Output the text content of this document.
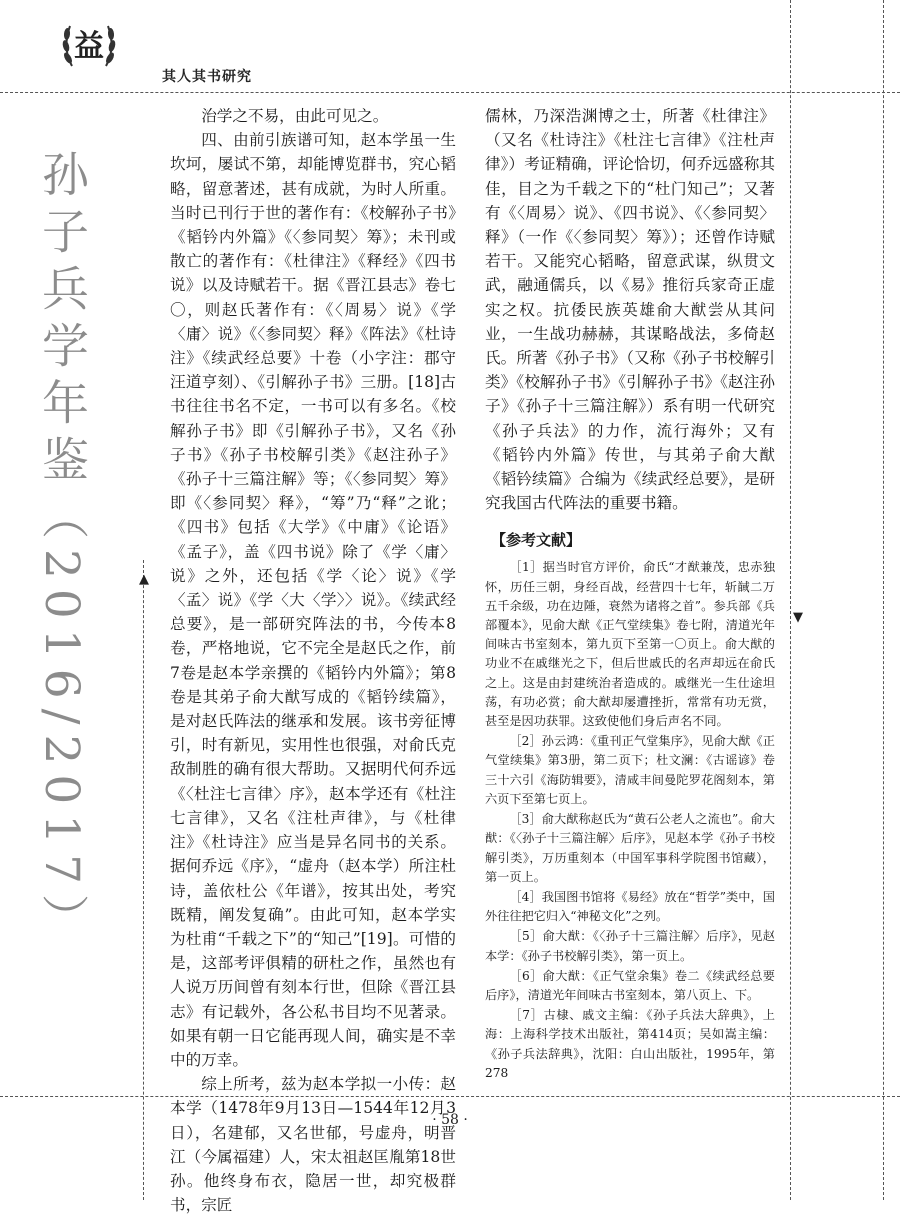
益
其人其书研究
孙子兵学年鉴（2016/2017）	▲
▼

治学之不易，由此可见之。

四、由前引族谱可知，赵本学虽一生坎坷，屡试不第，却能博览群书，究心韬略，留意著述，甚有成就，为时人所重。当时已刊行于世的著作有：《校解孙子书》《韬钤内外篇》《〈参同契〉筹》；未刊或散亡的著作有：《杜律注》《释经》《四书说》以及诗赋若干。据《晋江县志》卷七〇，则赵氏著作有：《〈周易〉说》《学〈庸〉说》《〈参同契〉释》《阵法》《杜诗注》《续武经总要》十卷（小字注：郡守汪道亨刻）、《引解孙子书》三册。[18]古书往往书名不定，一书可以有多名。《校解孙子书》即《引解孙子书》，又名《孙子书》《孙子书校解引类》《赵注孙子》《孙子十三篇注解》等；《〈参同契〉筹》即《〈参同契〉释》，“筹”乃“释”之讹；《四书》包括《大学》《中庸》《论语》《孟子》，盖《四书说》除了《学〈庸〉说》之外，还包括《学〈论〉说》《学〈孟〉说》《学〈大〈学〉〉说》。《续武经总要》，是一部研究阵法的书，今传本8卷，严格地说，它不完全是赵氏之作，前7卷是赵本学亲撰的《韬钤内外篇》；第8卷是其弟子俞大猷写成的《韬钤续篇》，是对赵氏阵法的继承和发展。该书旁征博引，时有新见，实用性也很强，对俞氏克敌制胜的确有很大帮助。又据明代何乔远《〈杜注七言律〉序》，赵本学还有《杜注七言律》，又名《注杜声律》，与《杜律注》《杜诗注》应当是异名同书的关系。据何乔远《序》，“虚舟（赵本学）所注杜诗，盖依杜公《年谱》，按其出处，考究既精，阐发复确”。由此可知，赵本学实为杜甫“千载之下”的“知己”[19]。可惜的是，这部考评俱精的研杜之作，虽然也有人说万历间曾有刻本行世，但除《晋江县志》有记载外，各公私书目均不见著录。如果有朝一日它能再现人间，确实是不幸中的万幸。

综上所考，兹为赵本学拟一小传：赵本学（1478年9月13日—1544年12月3日），名建郁，又名世郁，号虚舟，明晋江（今属福建）人，宋太祖赵匡胤第18世孙。他终身布衣，隐居一世，却究极群书，宗匠

儒林，乃深浩渊博之士，所著《杜律注》（又名《杜诗注》《杜注七言律》《注杜声律》）考证精确，评论恰切，何乔远盛称其佳，目之为千载之下的“杜门知己”；又著有《〈周易〉说》、《四书说》、《〈参同契〉释》（一作《〈参同契〉筹》）；还曾作诗赋若干。又能究心韬略，留意武谋，纵贯文武，融通儒兵，以《易》推衍兵家奇正虚实之权。抗倭民族英雄俞大猷尝从其问业，一生战功赫赫，其谋略战法，多倚赵氏。所著《孙子书》（又称《孙子书校解引类》《校解孙子书》《引解孙子书》《赵注孙子》《孙子十三篇注解》）系有明一代研究《孙子兵法》的力作，流行海外；又有《韬钤内外篇》传世，与其弟子俞大猷《韬钤续篇》合编为《续武经总要》，是研究我国古代阵法的重要书籍。

【参考文献】

［1］据当时官方评价，俞氏“才猷兼茂，忠赤独怀，历任三朝，身经百战，经营四十七年，斩馘二万五千余级，功在边陲，衰然为诸将之首”。参兵部《兵部覆本》，见俞大猷《正气堂续集》卷七附，清道光年间味古书室刻本，第九页下至第一〇页上。俞大猷的功业不在戚继光之下，但后世戚氏的名声却远在俞氏之上。这是由封建统治者造成的。戚继光一生仕途坦荡，有功必赏；俞大猷却屡遭挫折，常常有功无赏，甚至是因功获罪。这致使他们身后声名不同。

［2］孙云鸿：《重刊正气堂集序》，见俞大猷《正气堂续集》第3册，第二页下；杜文澜：《古谣谚》卷三十六引《海防辑要》，清咸丰间曼陀罗花阁刻本，第六页下至第七页上。

［3］俞大猷称赵氏为“黄石公老人之流也”。俞大猷：《〈孙子十三篇注解〉后序》，见赵本学《孙子书校解引类》，万历重刻本（中国军事科学院图书馆藏），第一页上。

［4］我国图书馆将《易经》放在“哲学”类中，国外往往把它归入“神秘文化”之列。

［5］俞大猷：《〈孙子十三篇注解〉后序》，见赵本学：《孙子书校解引类》，第一页上。

［6］俞大猷：《正气堂余集》卷二《续武经总要后序》，清道光年间味古书室刻本，第八页上、下。

［7］古棣、戚文主编：《孙子兵法大辞典》，上海：上海科学技术出版社，第414页；吴如嵩主编：《孙子兵法辞典》，沈阳：白山出版社，1995年，第278

· 58 ·
